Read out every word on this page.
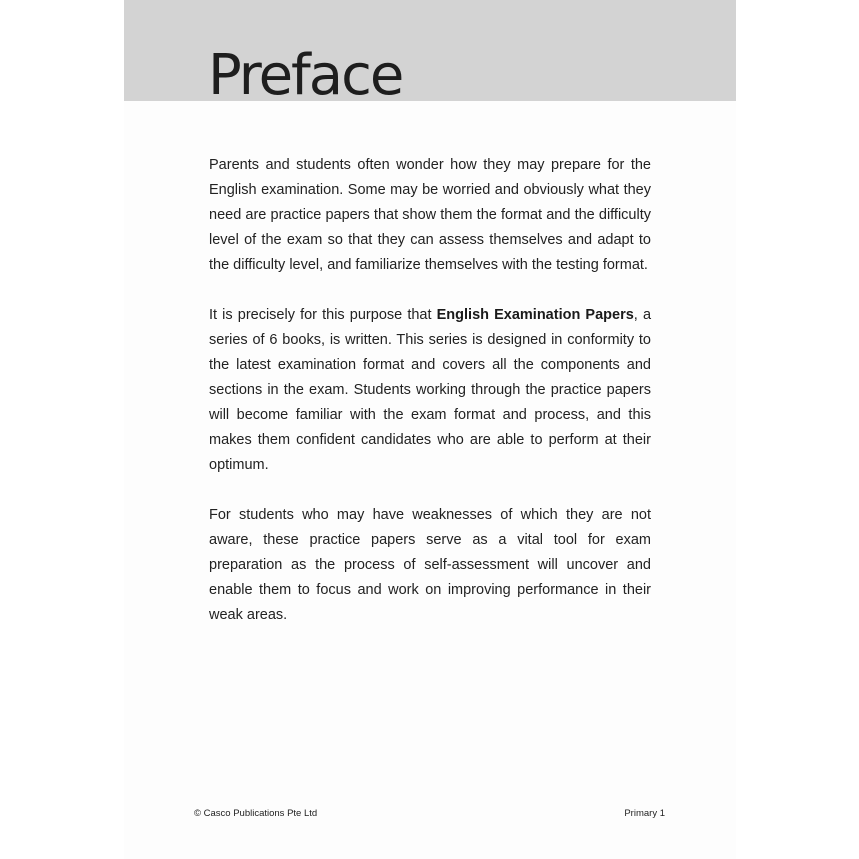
Preface

Parents and students often wonder how they may prepare for the English examination. Some may be worried and obviously what they need are practice papers that show them the format and the difficulty level of the exam so that they can assess themselves and adapt to the difficulty level, and familiarize themselves with the testing format.

It is precisely for this purpose that English Examination Papers, a series of 6 books, is written. This series is designed in conformity to the latest examination format and covers all the components and sections in the exam. Students working through the practice papers will become familiar with the exam format and process, and this makes them confident candidates who are able to perform at their optimum.

For students who may have weaknesses of which they are not aware, these practice papers serve as a vital tool for exam preparation as the process of self-assessment will uncover and enable them to focus and work on improving performance in their weak areas.

© Casco Publications Pte Ltd	Primary 1
